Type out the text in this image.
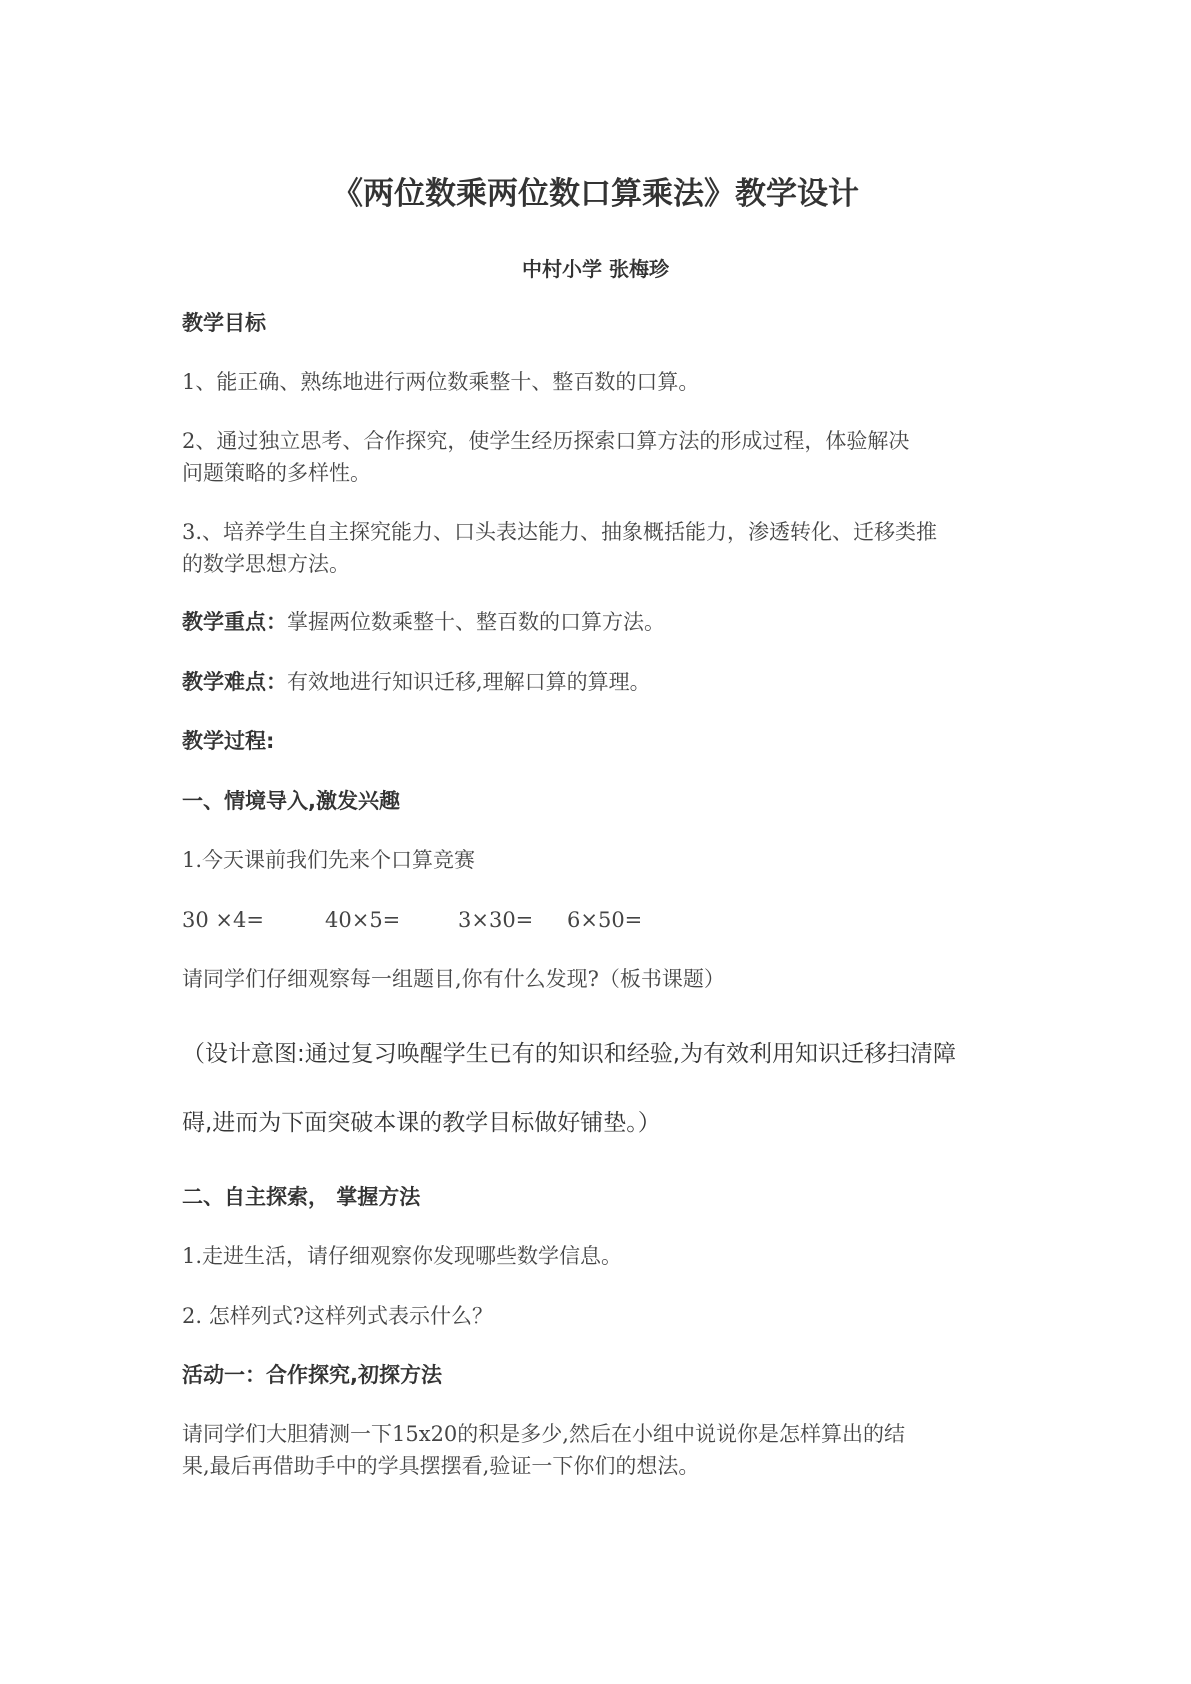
《两位数乘两位数口算乘法》教学设计
中村小学 张梅珍
教学目标
1、能正确、熟练地进行两位数乘整十、整百数的口算。
2、通过独立思考、合作探究，使学生经历探索口算方法的形成过程，体验解决
问题策略的多样性。
3.、培养学生自主探究能力、口头表达能力、抽象概括能力，渗透转化、迁移类推
的数学思想方法。
教学重点：掌握两位数乘整十、整百数的口算方法。
教学难点：有效地进行知识迁移,理解口算的算理。
教学过程:
一、情境导入,激发兴趣
1.今天课前我们先来个口算竞赛
30 ×4=	40×5=	3×30= 6×50=
请同学们仔细观察每一组题目,你有什么发现?（板书课题）
（设计意图:通过复习唤醒学生已有的知识和经验,为有效利用知识迁移扫清障
碍,进而为下面突破本课的教学目标做好铺垫。）
二、自主探索， 掌握方法
1.走进生活，请仔细观察你发现哪些数学信息。
2. 怎样列式?这样列式表示什么？
活动一：合作探究,初探方法
请同学们大胆猜测一下15x20的积是多少,然后在小组中说说你是怎样算出的结
果,最后再借助手中的学具摆摆看,验证一下你们的想法。
